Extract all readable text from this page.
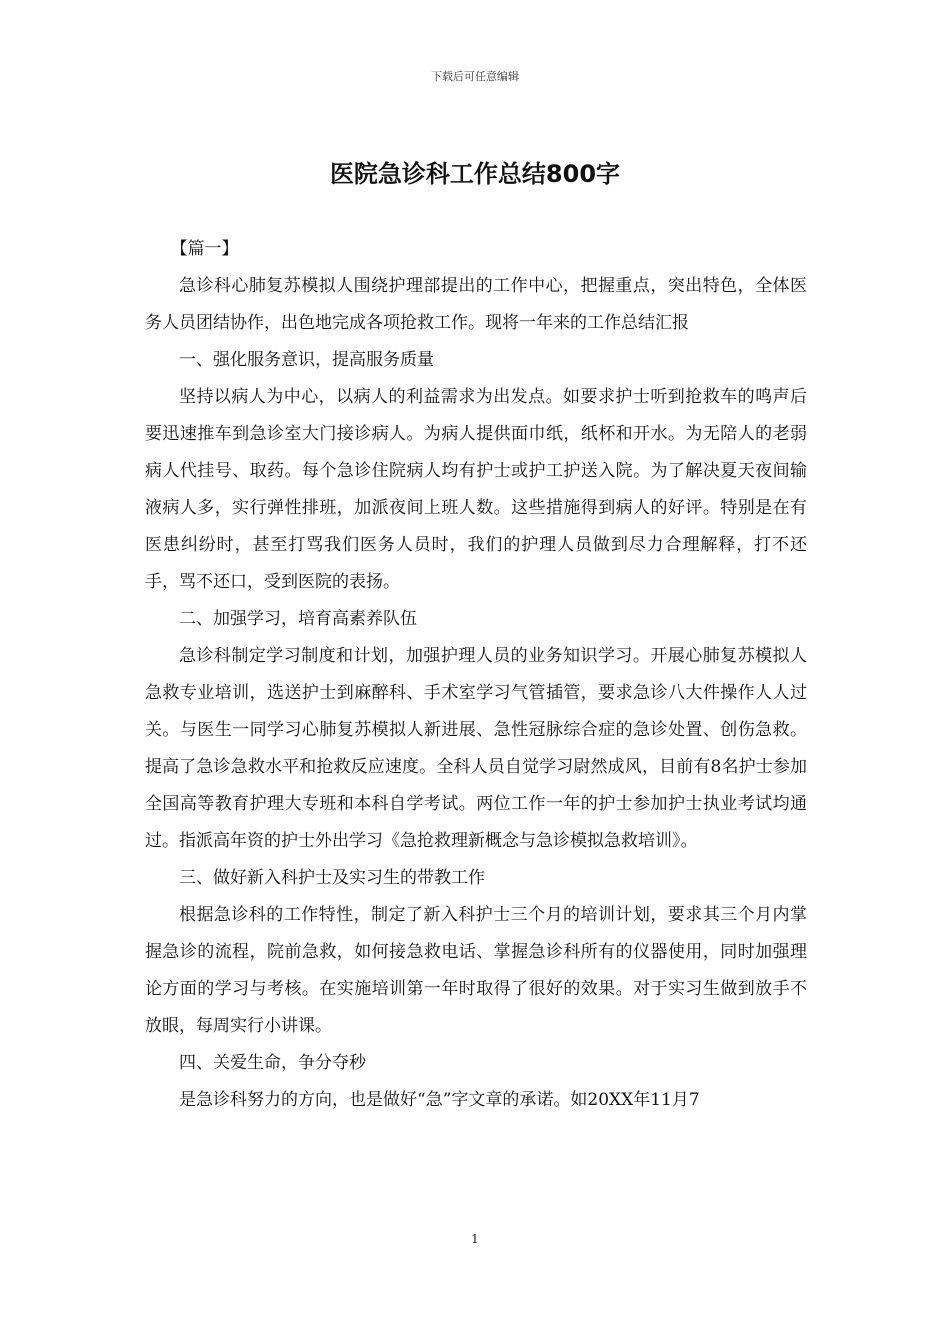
下载后可任意编辑
医院急诊科工作总结800字

【篇一】

急诊科心肺复苏模拟人围绕护理部提出的工作中心，把握重点，突出特色，全体医务人员团结协作，出色地完成各项抢救工作。现将一年来的工作总结汇报

一、强化服务意识，提高服务质量

坚持以病人为中心，以病人的利益需求为出发点。如要求护士听到抢救车的鸣声后要迅速推车到急诊室大门接诊病人。为病人提供面巾纸，纸杯和开水。为无陪人的老弱病人代挂号、取药。每个急诊住院病人均有护士或护工护送入院。为了解决夏天夜间输液病人多，实行弹性排班，加派夜间上班人数。这些措施得到病人的好评。特别是在有医患纠纷时，甚至打骂我们医务人员时，我们的护理人员做到尽力合理解释，打不还手，骂不还口，受到医院的表扬。

二、加强学习，培育高素养队伍

急诊科制定学习制度和计划，加强护理人员的业务知识学习。开展心肺复苏模拟人急救专业培训，选送护士到麻醉科、手术室学习气管插管，要求急诊八大件操作人人过关。与医生一同学习心肺复苏模拟人新进展、急性冠脉综合症的急诊处置、创伤急救。提高了急诊急救水平和抢救反应速度。全科人员自觉学习尉然成风，目前有8名护士参加全国高等教育护理大专班和本科自学考试。两位工作一年的护士参加护士执业考试均通过。指派高年资的护士外出学习《急抢救理新概念与急诊模拟急救培训》。

三、做好新入科护士及实习生的带教工作

根据急诊科的工作特性，制定了新入科护士三个月的培训计划，要求其三个月内掌握急诊的流程，院前急救，如何接急救电话、掌握急诊科所有的仪器使用，同时加强理论方面的学习与考核。在实施培训第一年时取得了很好的效果。对于实习生做到放手不放眼，每周实行小讲课。

四、关爱生命，争分夺秒

是急诊科努力的方向，也是做好“急”字文章的承诺。如20XX年11月7

1
